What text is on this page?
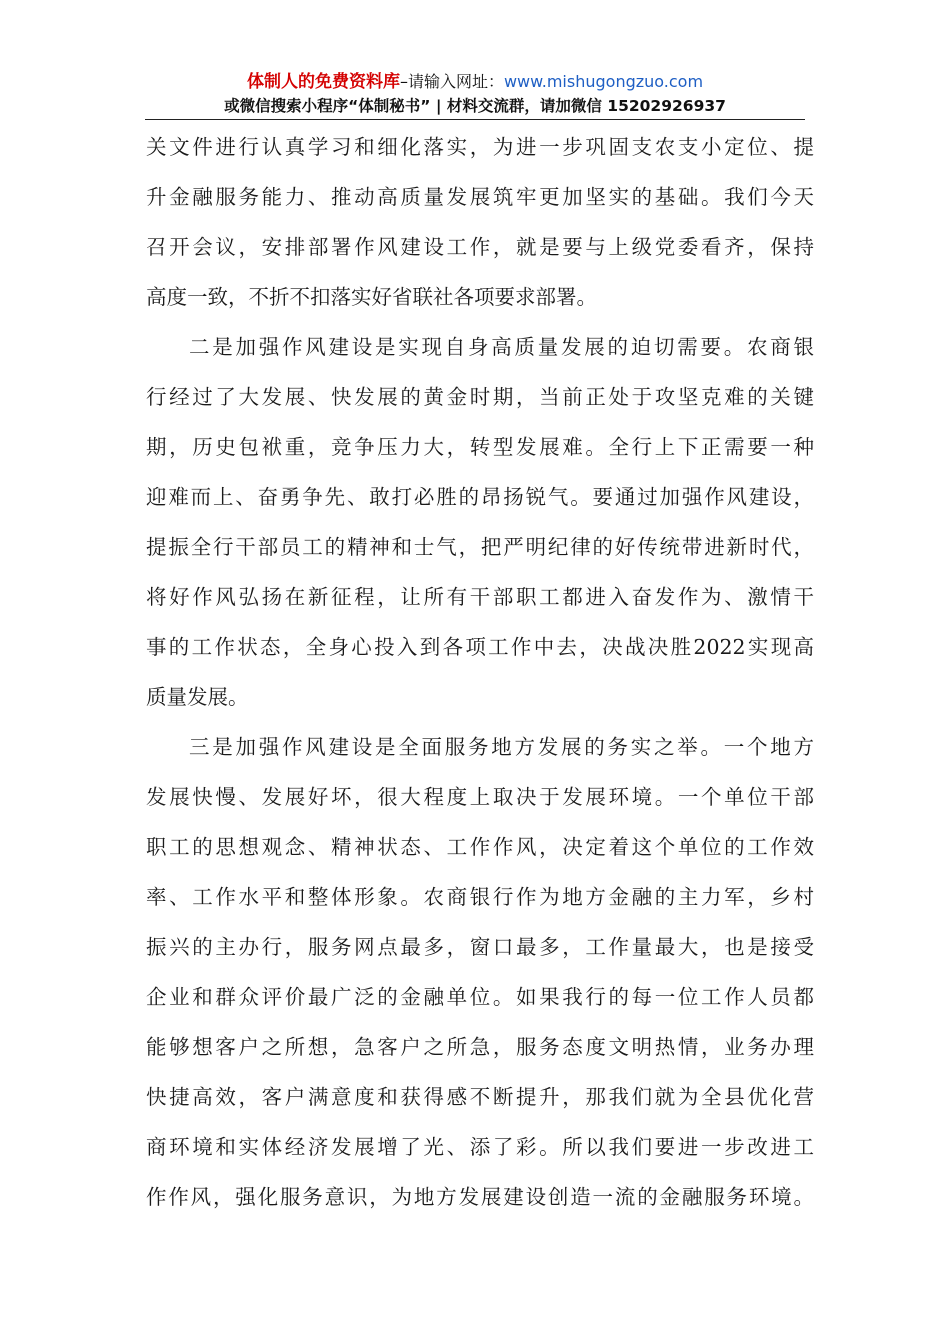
体制人的免费资料库–请输入网址：www.mishugongzuo.com
或微信搜索小程序“体制秘书” | 材料交流群，请加微信 15202926937
关文件进行认真学习和细化落实，为进一步巩固支农支小定位、提
升金融服务能力、推动高质量发展筑牢更加坚实的基础。我们今天
召开会议，安排部署作风建设工作，就是要与上级党委看齐，保持
高度一致，不折不扣落实好省联社各项要求部署。
二是加强作风建设是实现自身高质量发展的迫切需要。农商银
行经过了大发展、快发展的黄金时期，当前正处于攻坚克难的关键
期，历史包袱重，竞争压力大，转型发展难。全行上下正需要一种
迎难而上、奋勇争先、敢打必胜的昂扬锐气。要通过加强作风建设，
提振全行干部员工的精神和士气，把严明纪律的好传统带进新时代，
将好作风弘扬在新征程，让所有干部职工都进入奋发作为、激情干
事的工作状态，全身心投入到各项工作中去，决战决胜2022实现高
质量发展。
三是加强作风建设是全面服务地方发展的务实之举。一个地方
发展快慢、发展好坏，很大程度上取决于发展环境。一个单位干部
职工的思想观念、精神状态、工作作风，决定着这个单位的工作效
率、工作水平和整体形象。农商银行作为地方金融的主力军，乡村
振兴的主办行，服务网点最多，窗口最多，工作量最大，也是接受
企业和群众评价最广泛的金融单位。如果我行的每一位工作人员都
能够想客户之所想，急客户之所急，服务态度文明热情，业务办理
快捷高效，客户满意度和获得感不断提升，那我们就为全县优化营
商环境和实体经济发展增了光、添了彩。所以我们要进一步改进工
作作风，强化服务意识，为地方发展建设创造一流的金融服务环境。
